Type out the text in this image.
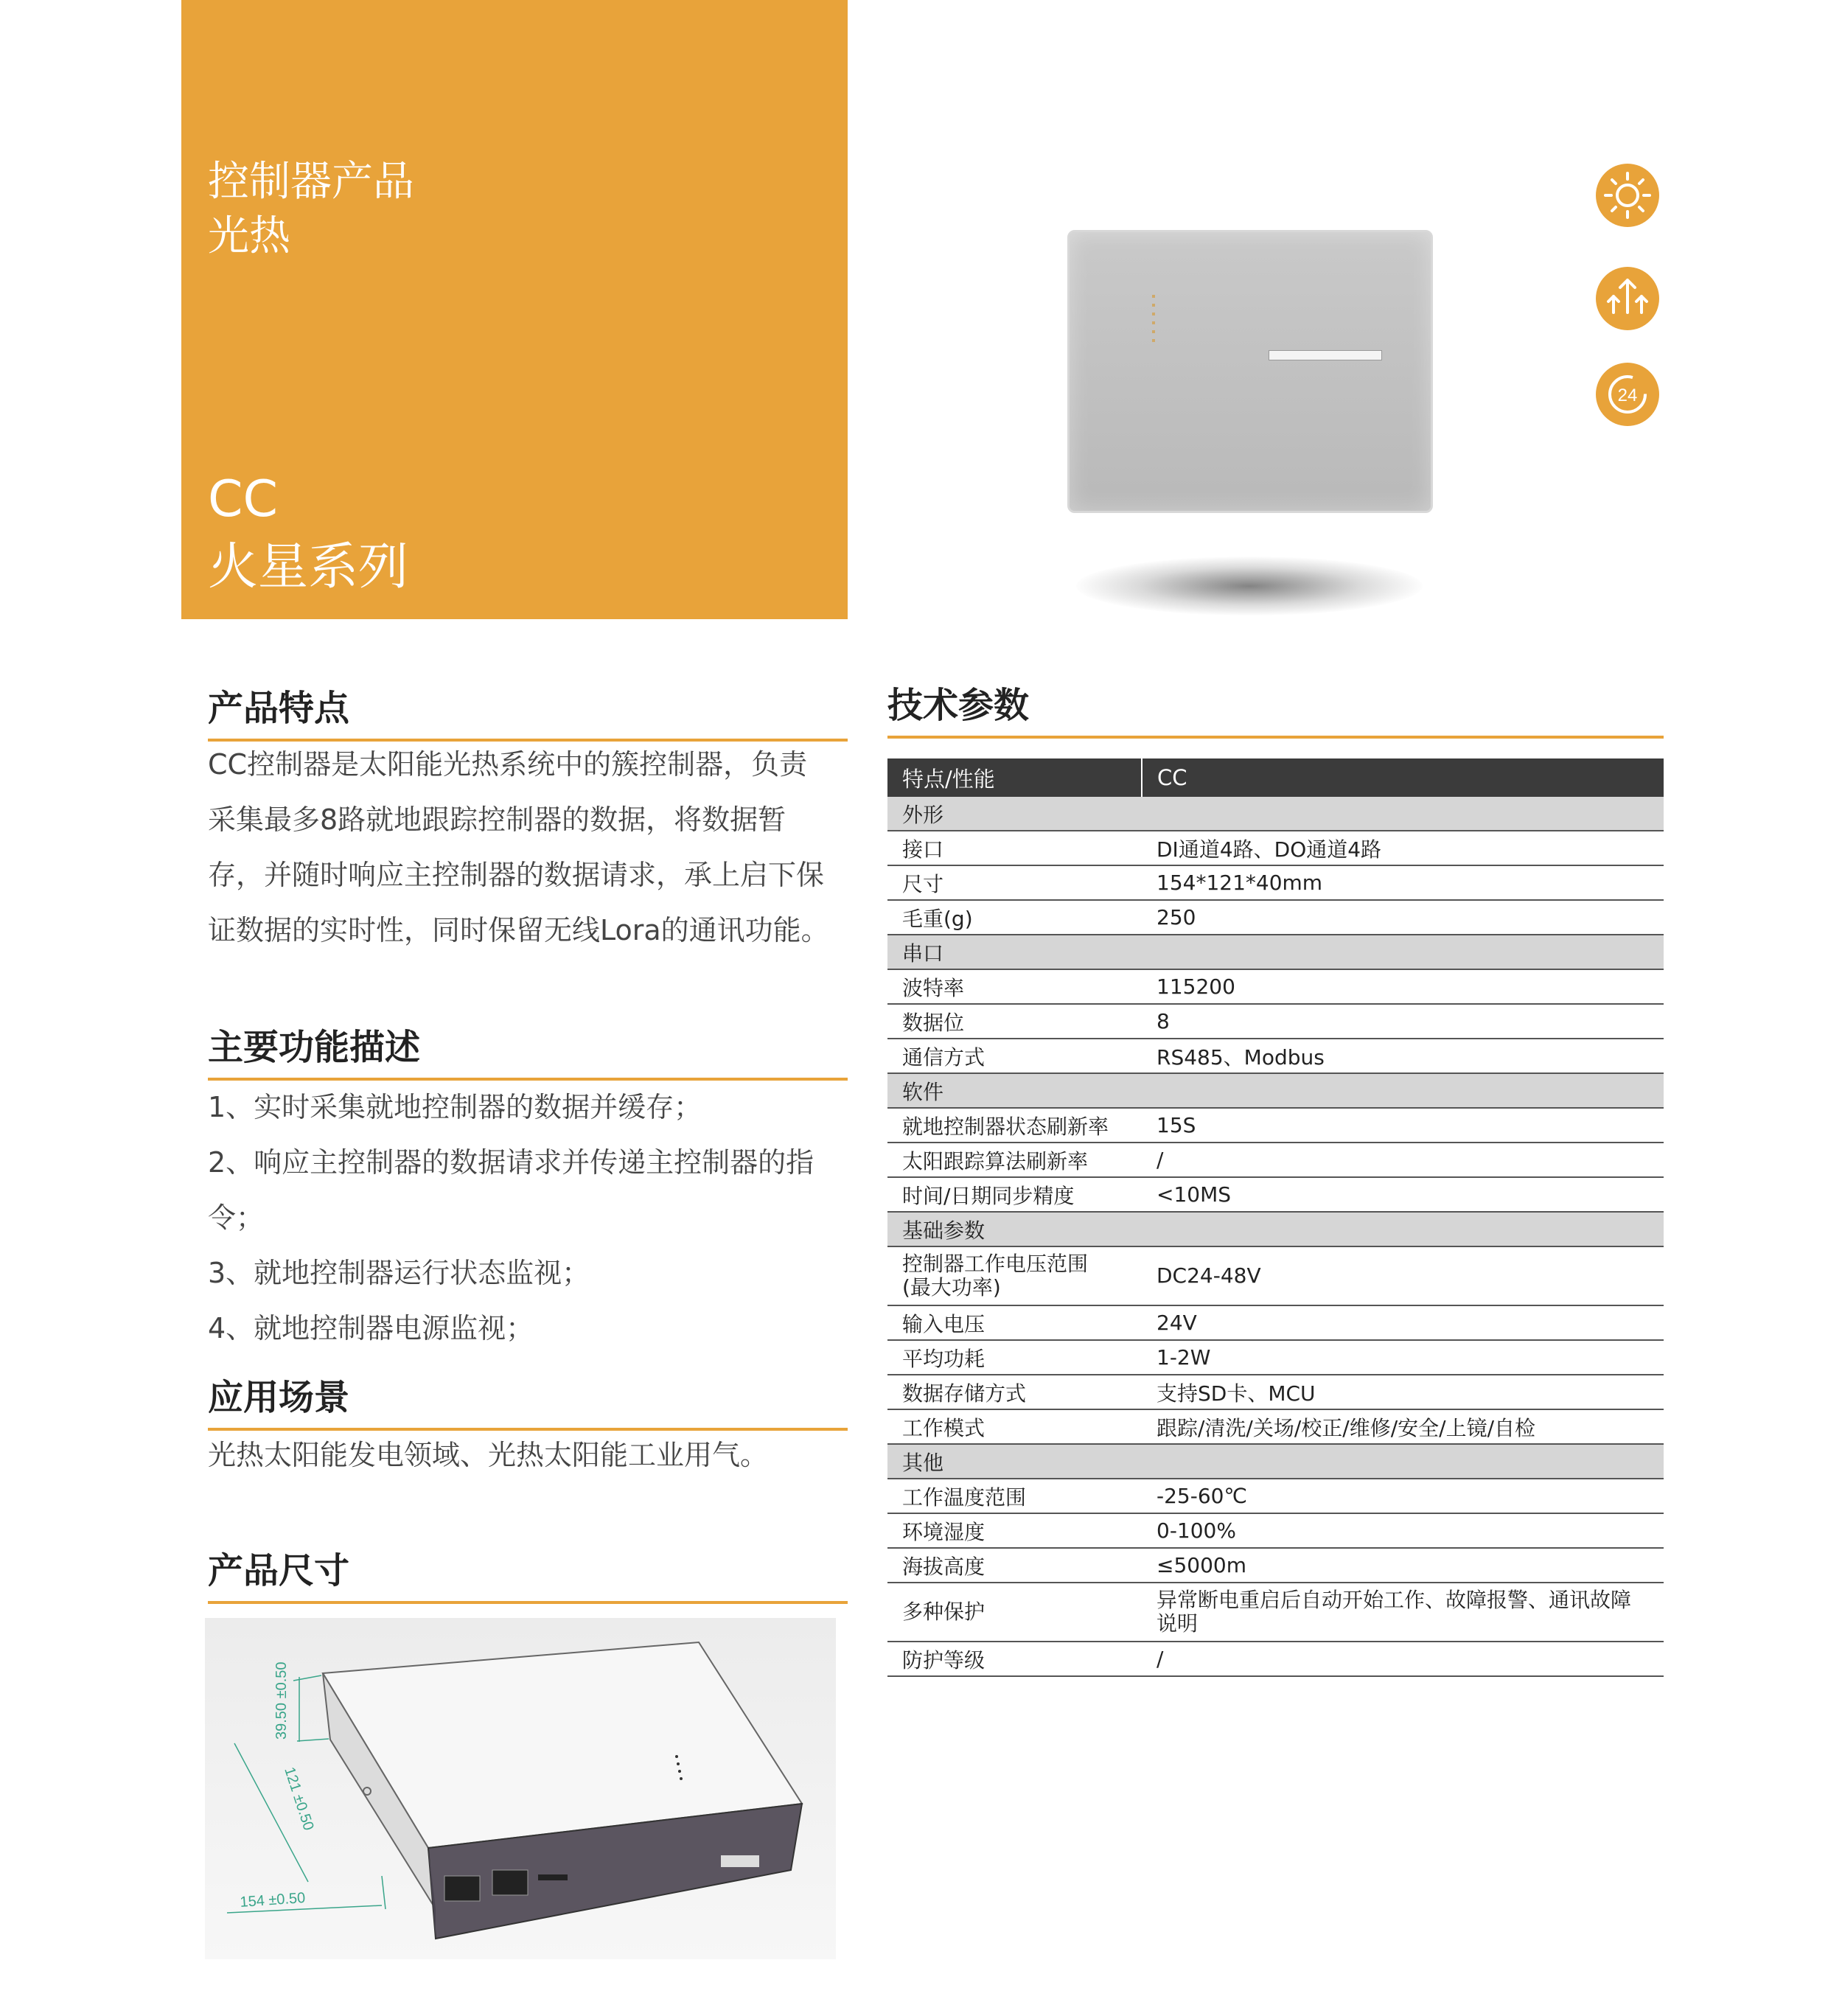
控制器产品
光热
CC
火星系列
24
产品特点
CC控制器是太阳能光热系统中的簇控制器，负责
采集最多8路就地跟踪控制器的数据，将数据暂
存，并随时响应主控制器的数据请求，承上启下保
证数据的实时性，同时保留无线Lora的通讯功能。
主要功能描述
1、实时采集就地控制器的数据并缓存；
2、响应主控制器的数据请求并传递主控制器的指令；
3、就地控制器运行状态监视；
4、就地控制器电源监视；
应用场景
光热太阳能发电领域、光热太阳能工业用气。
产品尺寸
39.50 ±0.50
121 ±0.50
154 ±0.50
技术参数
特点/性能	CC
外形	
接口	DI通道4路、DO通道4路
尺寸	154*121*40mm
毛重(g)	250
串口	
波特率	115200
数据位	8
通信方式	RS485、Modbus
软件	
就地控制器状态刷新率	15S
太阳跟踪算法刷新率	/
时间/日期同步精度	<10MS
基础参数	
控制器工作电压范围
(最大功率)	DC24-48V
输入电压	24V
平均功耗	1-2W
数据存储方式	支持SD卡、MCU
工作模式	跟踪/清洗/关场/校正/维修/安全/上镜/自检
其他	
工作温度范围	-25-60℃
环境湿度	0-100%
海拔高度	≤5000m
多种保护	异常断电重启后自动开始工作、故障报警、通讯故障
说明
防护等级	/
